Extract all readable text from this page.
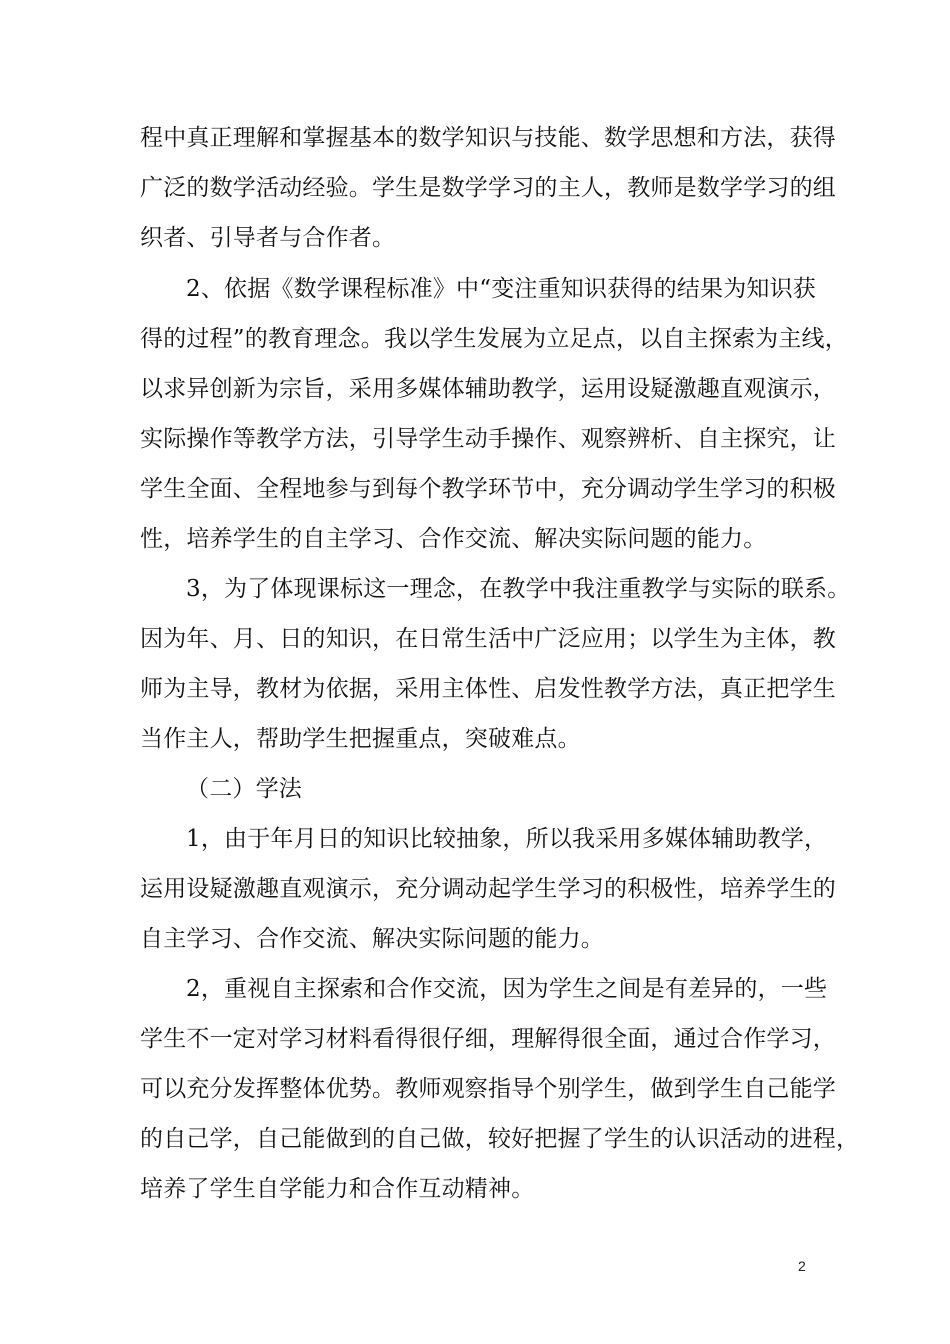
程中真正理解和掌握基本的数学知识与技能、数学思想和方法，获得
广泛的数学活动经验。学生是数学学习的主人，教师是数学学习的组
织者、引导者与合作者。
2、依据《数学课程标准》中“变注重知识获得的结果为知识获
得的过程”的教育理念。我以学生发展为立足点，以自主探索为主线，
以求异创新为宗旨，采用多媒体辅助教学，运用设疑激趣直观演示，
实际操作等教学方法，引导学生动手操作、观察辨析、自主探究，让
学生全面、全程地参与到每个教学环节中，充分调动学生学习的积极
性，培养学生的自主学习、合作交流、解决实际问题的能力。
3，为了体现课标这一理念，在教学中我注重教学与实际的联系。
因为年、月、日的知识，在日常生活中广泛应用；以学生为主体，教
师为主导，教材为依据，采用主体性、启发性教学方法，真正把学生
当作主人，帮助学生把握重点，突破难点。
（二）学法
1，由于年月日的知识比较抽象，所以我采用多媒体辅助教学，
运用设疑激趣直观演示，充分调动起学生学习的积极性，培养学生的
自主学习、合作交流、解决实际问题的能力。
2，重视自主探索和合作交流，因为学生之间是有差异的，一些
学生不一定对学习材料看得很仔细，理解得很全面，通过合作学习，
可以充分发挥整体优势。教师观察指导个别学生，做到学生自己能学
的自己学，自己能做到的自己做，较好把握了学生的认识活动的进程，
培养了学生自学能力和合作互动精神。
2
